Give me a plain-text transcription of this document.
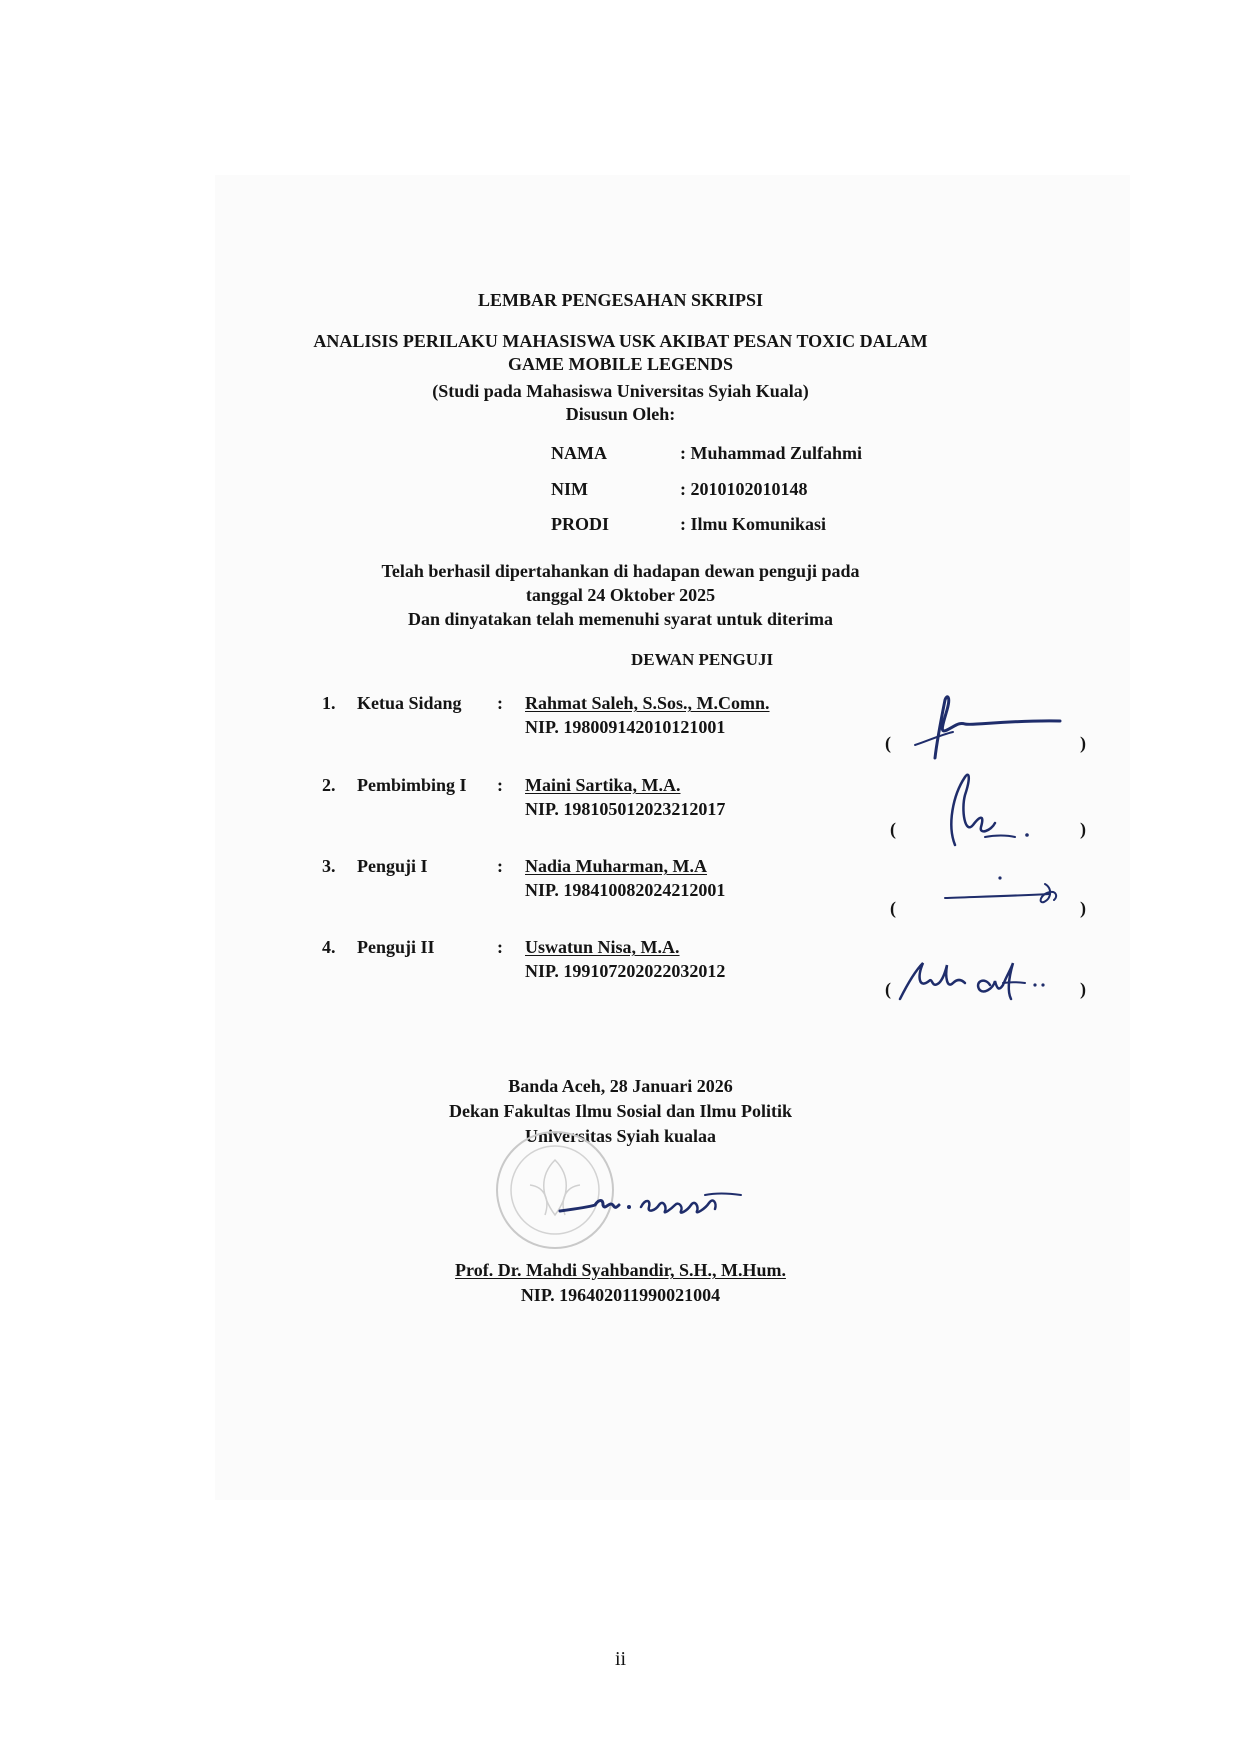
LEMBAR PENGESAHAN SKRIPSI
ANALISIS PERILAKU MAHASISWA USK AKIBAT PESAN TOXIC DALAM
GAME MOBILE LEGENDS
(Studi pada Mahasiswa Universitas Syiah Kuala)
Disusun Oleh:
NAMA	: Muhammad Zulfahmi
NIM	: 2010102010148
PRODI	: Ilmu Komunikasi
Telah berhasil dipertahankan di hadapan dewan penguji pada
tanggal 24 Oktober 2025
Dan dinyatakan telah memenuhi syarat untuk diterima
DEWAN PENGUJI
1. Ketua Sidang : Rahmat Saleh, S.Sos., M.Comn.
NIP. 198009142010121001
(	)
2. Pembimbing I : Maini Sartika, M.A.
NIP. 198105012023212017
(	)
3. Penguji I	: Nadia Muharman, M.A
NIP. 198410082024212001
(	)
4. Penguji II	: Uswatun Nisa, M.A.
NIP. 199107202022032012
(	)
Banda Aceh, 28 Januari 2026
Dekan Fakultas Ilmu Sosial dan Ilmu Politik
Universitas Syiah kualaa
Prof. Dr. Mahdi Syahbandir, S.H., M.Hum.
NIP. 196402011990021004
ii
